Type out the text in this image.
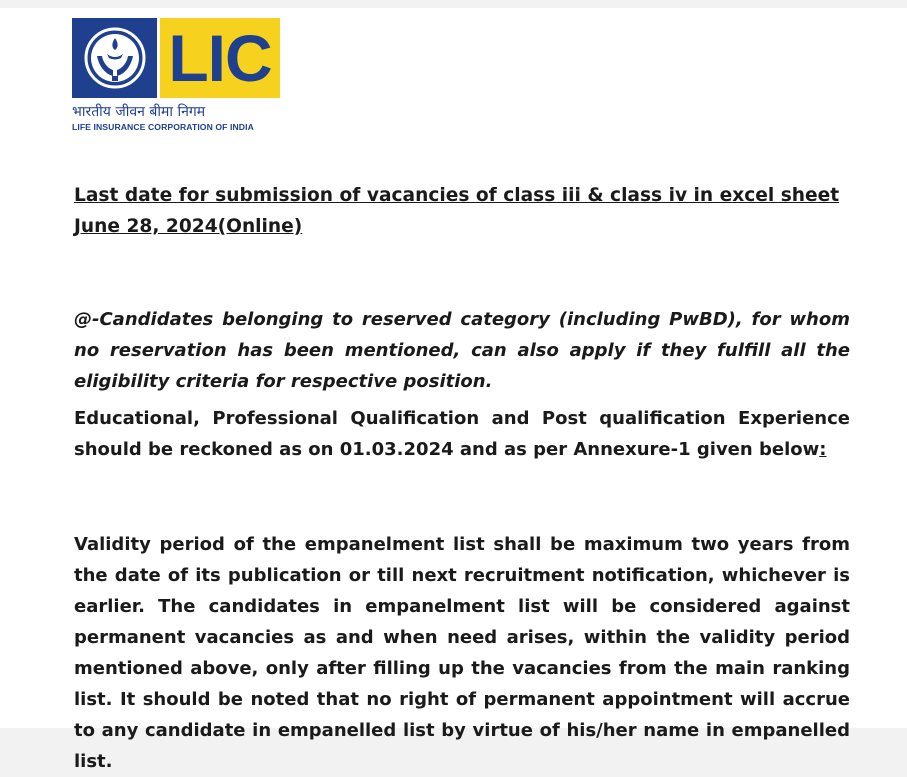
LIC
भारतीय जीवन बीमा निगम
LIFE INSURANCE CORPORATION OF INDIA

Last date for submission of vacancies of class iii & class iv in excel sheet June 28, 2024(Online)

@-Candidates belonging to reserved category (including PwBD), for whom no reservation has been mentioned, can also apply if they fulfill all the eligibility criteria for respective position.

Educational, Professional Qualification and Post qualification Experience should be reckoned as on 01.03.2024 and as per Annexure-1 given below:

Validity period of the empanelment list shall be maximum two years from the date of its publication or till next recruitment notification, whichever is earlier. The candidates in empanelment list will be considered against permanent vacancies as and when need arises, within the validity period mentioned above, only after filling up the vacancies from the main ranking list. It should be noted that no right of permanent appointment will accrue to any candidate in empanelled list by virtue of his/her name in empanelled list.
